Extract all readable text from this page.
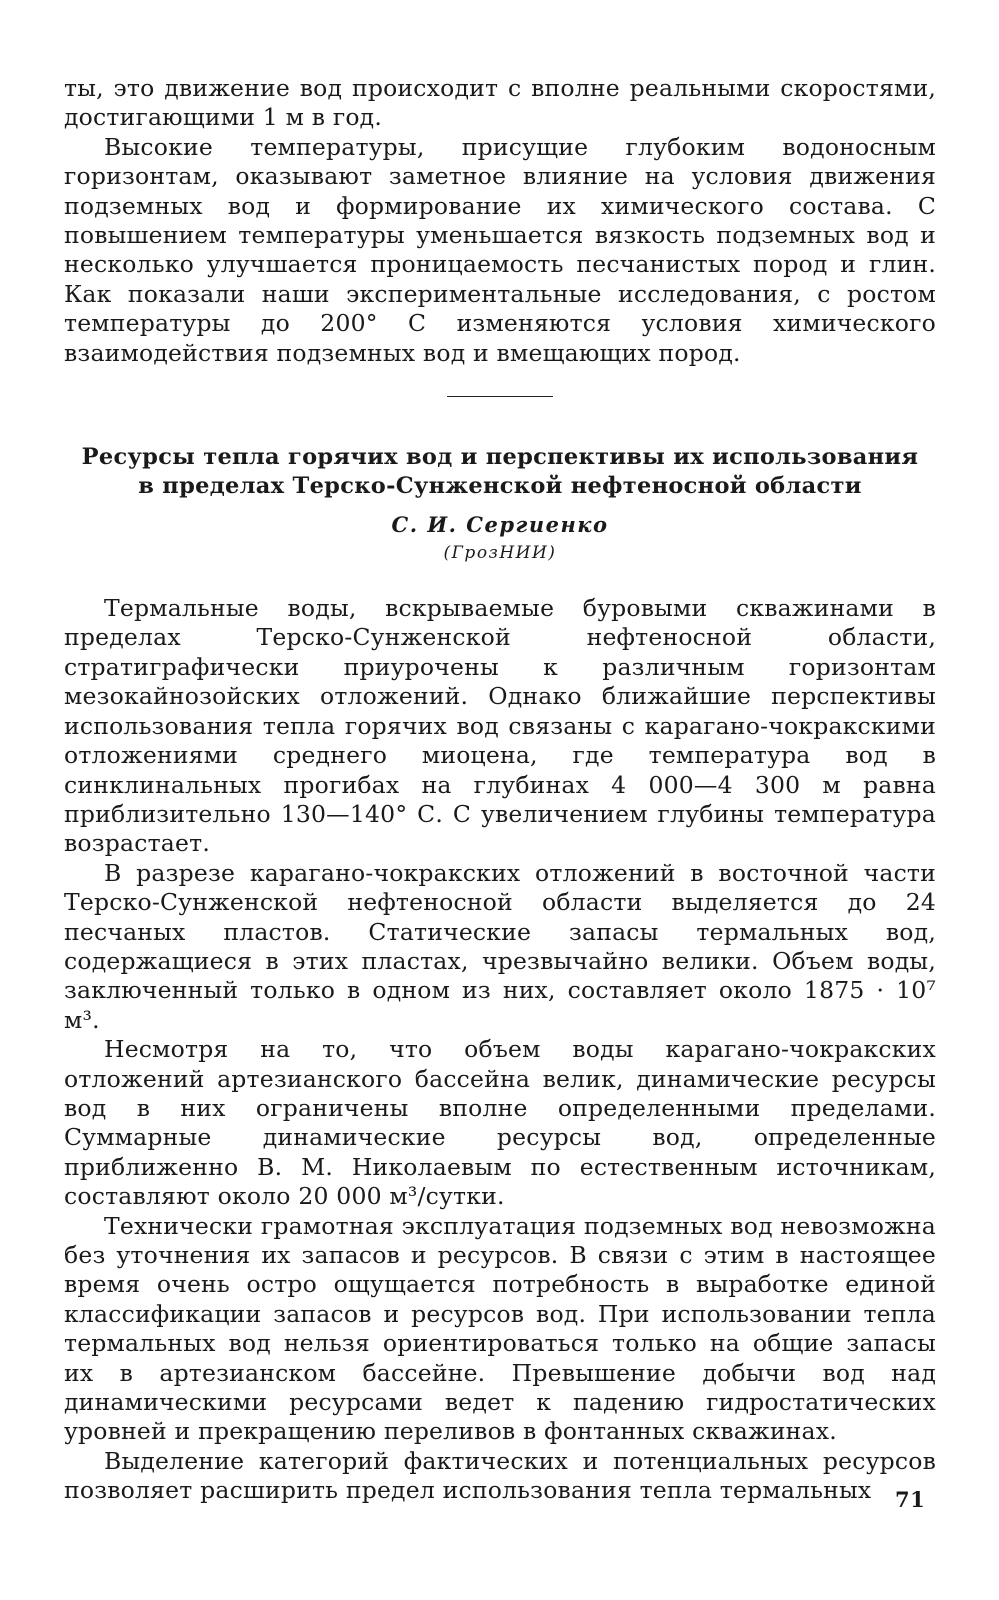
ты, это движение вод происходит с вполне реальными скоростями, достигающими 1 м в год.

Высокие температуры, присущие глубоким водоносным горизонтам, оказывают заметное влияние на условия движения подземных вод и формирование их химического состава. С повышением температуры уменьшается вязкость подземных вод и несколько улучшается проницаемость песчанистых пород и глин. Как показали наши экспериментальные исследования, с ростом температуры до 200° С изменяются условия химического взаимодействия подземных вод и вмещающих пород.

Ресурсы тепла горячих вод и перспективы их использования
в пределах Терско-Сунженской нефтеносной области
С. И. Сергиенко
(ГрозНИИ)

Термальные воды, вскрываемые буровыми скважинами в пределах Терско-Сунженской нефтеносной области, стратиграфически приурочены к различным горизонтам мезокайнозойских отложений. Однако ближайшие перспективы использования тепла горячих вод связаны с карагано-чокракскими отложениями среднего миоцена, где температура вод в синклинальных прогибах на глубинах 4 000—4 300 м равна приблизительно 130—140° С. С увеличением глубины температура возрастает.

В разрезе карагано-чокракских отложений в восточной части Терско-Сунженской нефтеносной области выделяется до 24 песчаных пластов. Статические запасы термальных вод, содержащиеся в этих пластах, чрезвычайно велики. Объем воды, заключенный только в одном из них, составляет около 1875 · 10⁷ м³.

Несмотря на то, что объем воды карагано-чокракских отложений артезианского бассейна велик, динамические ресурсы вод в них ограничены вполне определенными пределами. Суммарные динамические ресурсы вод, определенные приближенно В. М. Николаевым по естественным источникам, составляют около 20 000 м³/сутки.

Технически грамотная эксплуатация подземных вод невозможна без уточнения их запасов и ресурсов. В связи с этим в настоящее время очень остро ощущается потребность в выработке единой классификации запасов и ресурсов вод. При использовании тепла термальных вод нельзя ориентироваться только на общие запасы их в артезианском бассейне. Превышение добычи вод над динамическими ресурсами ведет к падению гидростатических уровней и прекращению переливов в фонтанных скважинах.

Выделение категорий фактических и потенциальных ресурсов позволяет расширить предел использования тепла термальных	71
